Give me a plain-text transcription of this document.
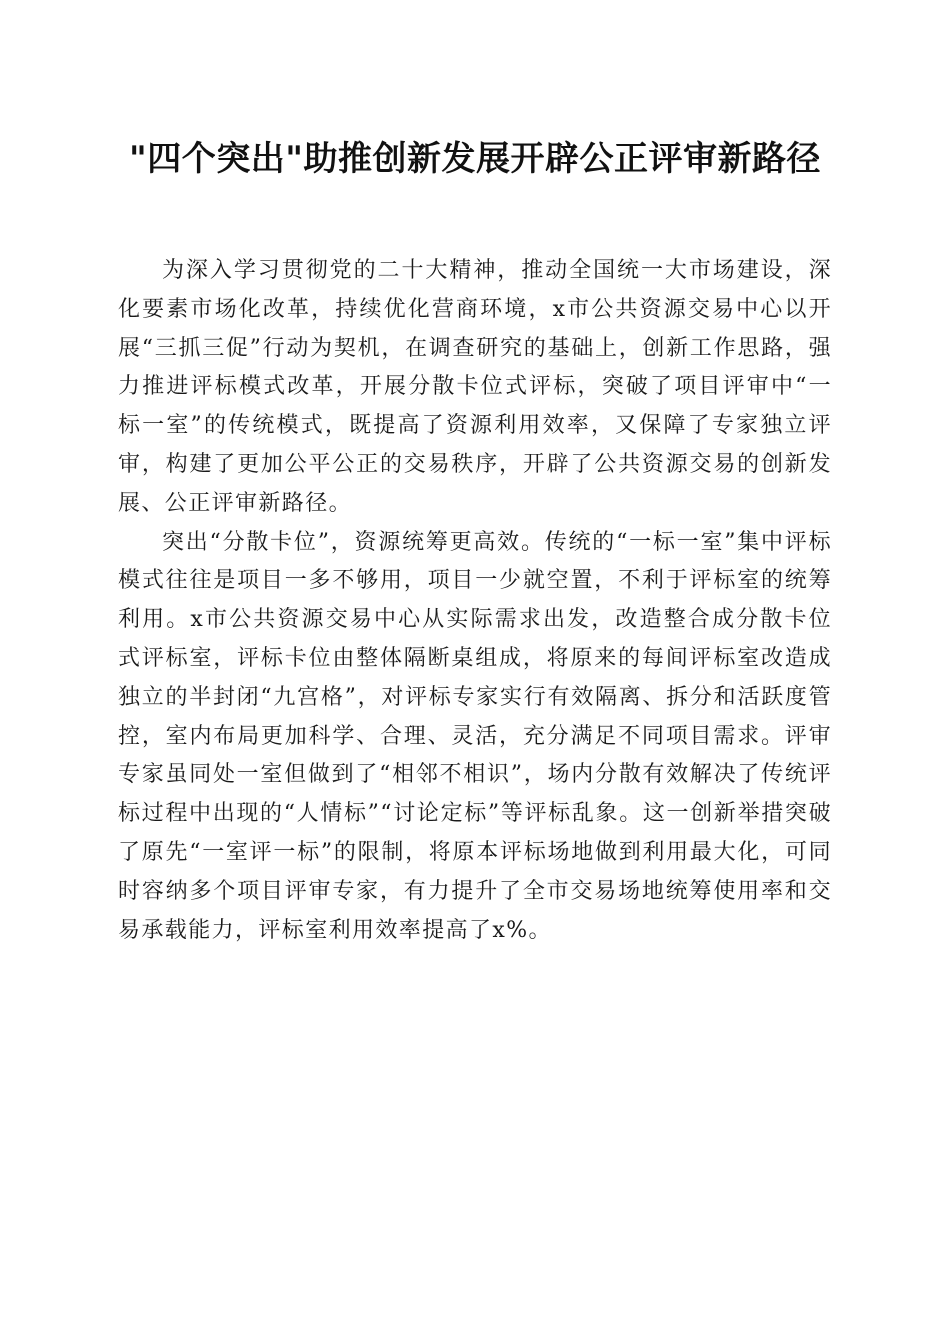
"四个突出"助推创新发展开辟公正评审新路径

为深入学习贯彻党的二十大精神，推动全国统一大市场建设，深化要素市场化改革，持续优化营商环境，x市公共资源交易中心以开展“三抓三促”行动为契机，在调查研究的基础上，创新工作思路，强力推进评标模式改革，开展分散卡位式评标，突破了项目评审中“一标一室”的传统模式，既提高了资源利用效率，又保障了专家独立评审，构建了更加公平公正的交易秩序，开辟了公共资源交易的创新发展、公正评审新路径。

突出“分散卡位”，资源统筹更高效。传统的“一标一室”集中评标模式往往是项目一多不够用，项目一少就空置，不利于评标室的统筹利用。x市公共资源交易中心从实际需求出发，改造整合成分散卡位式评标室，评标卡位由整体隔断桌组成，将原来的每间评标室改造成独立的半封闭“九宫格”，对评标专家实行有效隔离、拆分和活跃度管控，室内布局更加科学、合理、灵活，充分满足不同项目需求。评审专家虽同处一室但做到了“相邻不相识”，场内分散有效解决了传统评标过程中出现的“人情标”“讨论定标”等评标乱象。这一创新举措突破了原先“一室评一标”的限制，将原本评标场地做到利用最大化，可同时容纳多个项目评审专家，有力提升了全市交易场地统筹使用率和交易承载能力，评标室利用效率提高了x%。
